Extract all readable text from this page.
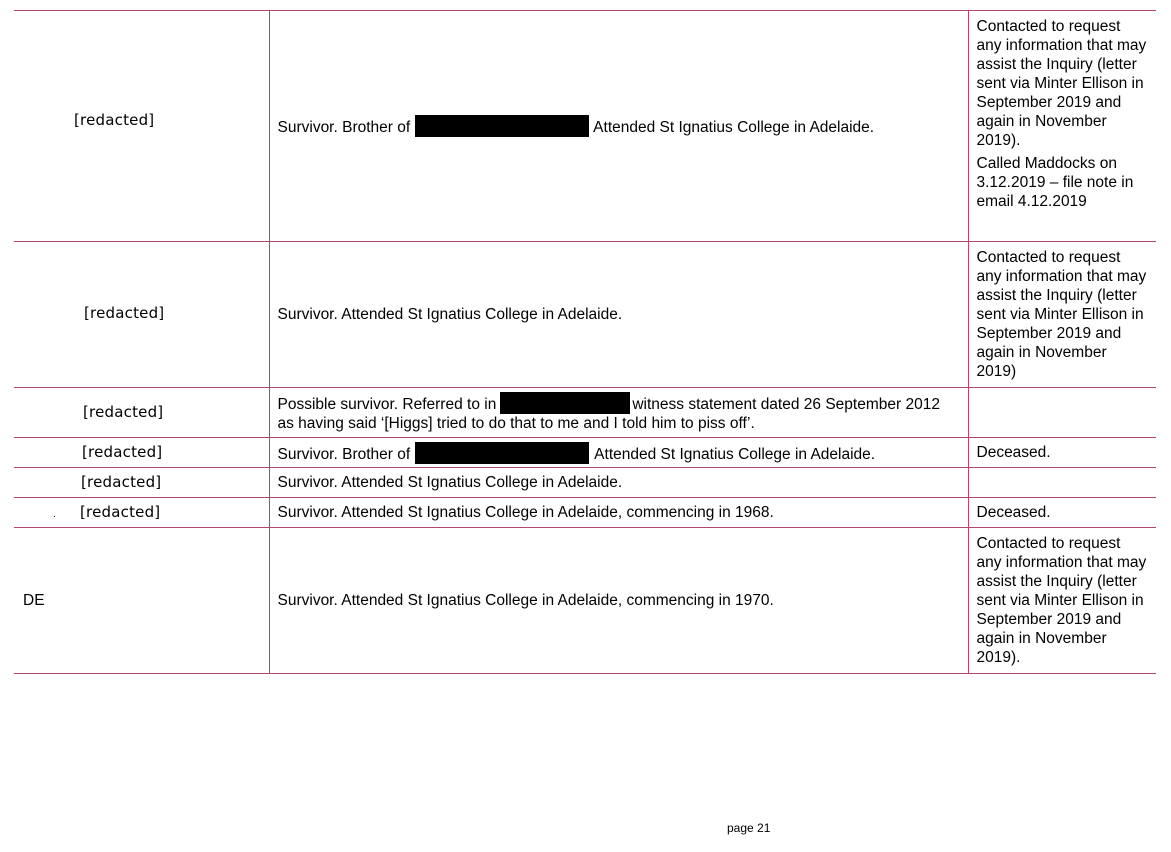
[redacted]	Survivor. Brother of Attended St Ignatius College in Adelaide.	Contacted to request any information that may assist the Inquiry (letter sent via Minter Ellison in September 2019 and again in November 2019).

Called Maddocks on 3.12.2019 – file note in email 4.12.2019

[redacted]	Survivor. Attended St Ignatius College in Adelaide.	Contacted to request any information that may assist the Inquiry (letter sent via Minter Ellison in September 2019 and again in November 2019)

[redacted]	Possible survivor. Referred to in witness statement dated 26 September 2012 as having said ‘[Higgs] tried to do that to me and I told him to piss off’.	
[redacted]	Survivor. Brother of Attended St Ignatius College in Adelaide.	Deceased.

[redacted]	Survivor. Attended St Ignatius College in Adelaide.	
[redacted]	Survivor. Attended St Ignatius College in Adelaide, commencing in 1968.	Deceased.

DE	Survivor. Attended St Ignatius College in Adelaide, commencing in 1970.	Contacted to request any information that may assist the Inquiry (letter sent via Minter Ellison in September 2019 and again in November 2019).

.
page 21
